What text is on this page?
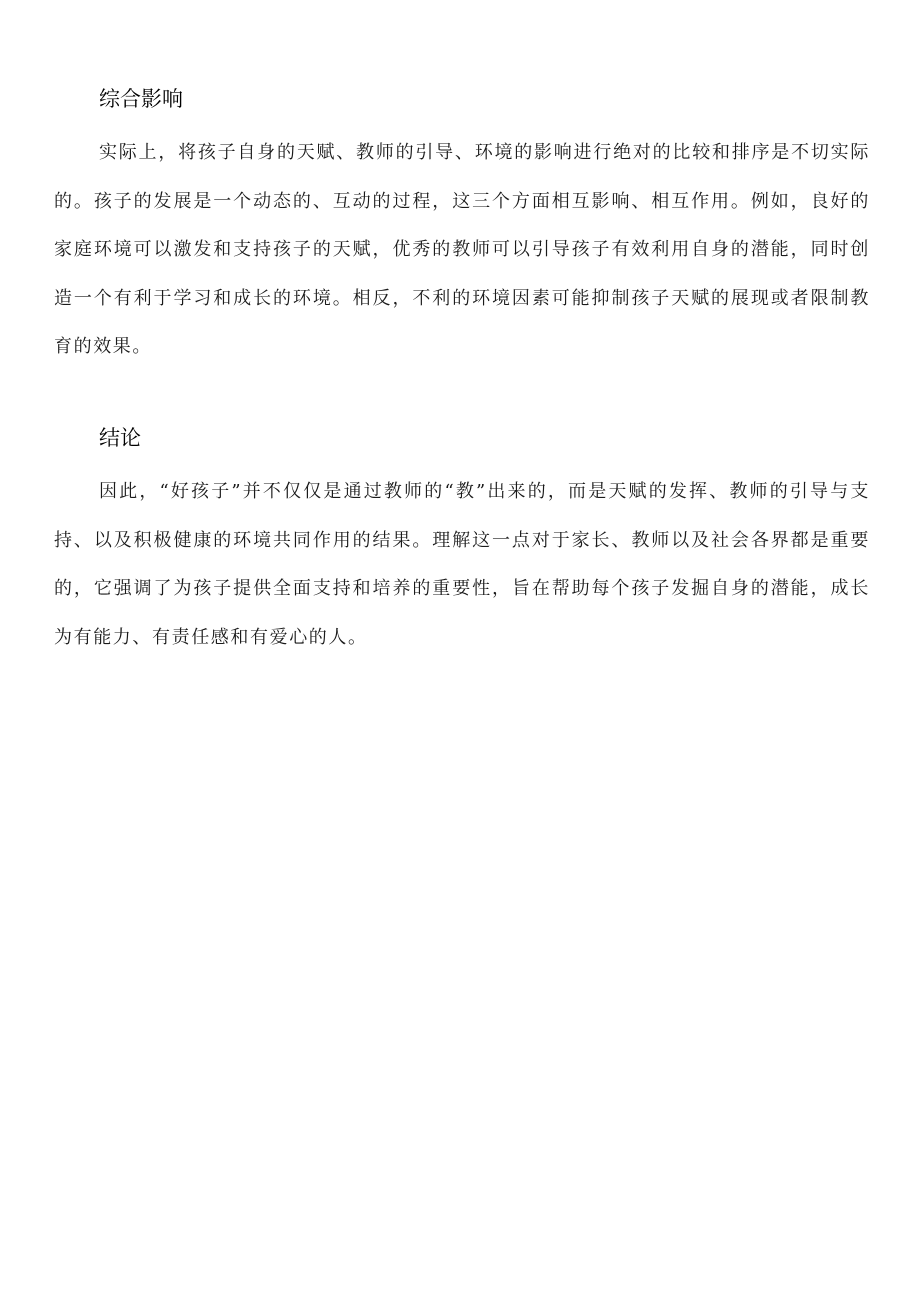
综合影响

实际上，将孩子自身的天赋、教师的引导、环境的影响进行绝对的比较和排序是不切实际的。孩子的发展是一个动态的、互动的过程，这三个方面相互影响、相互作用。例如，良好的家庭环境可以激发和支持孩子的天赋，优秀的教师可以引导孩子有效利用自身的潜能，同时创造一个有利于学习和成长的环境。相反，不利的环境因素可能抑制孩子天赋的展现或者限制教育的效果。

结论

因此，“好孩子”并不仅仅是通过教师的“教”出来的，而是天赋的发挥、教师的引导与支持、以及积极健康的环境共同作用的结果。理解这一点对于家长、教师以及社会各界都是重要的，它强调了为孩子提供全面支持和培养的重要性，旨在帮助每个孩子发掘自身的潜能，成长为有能力、有责任感和有爱心的人。
